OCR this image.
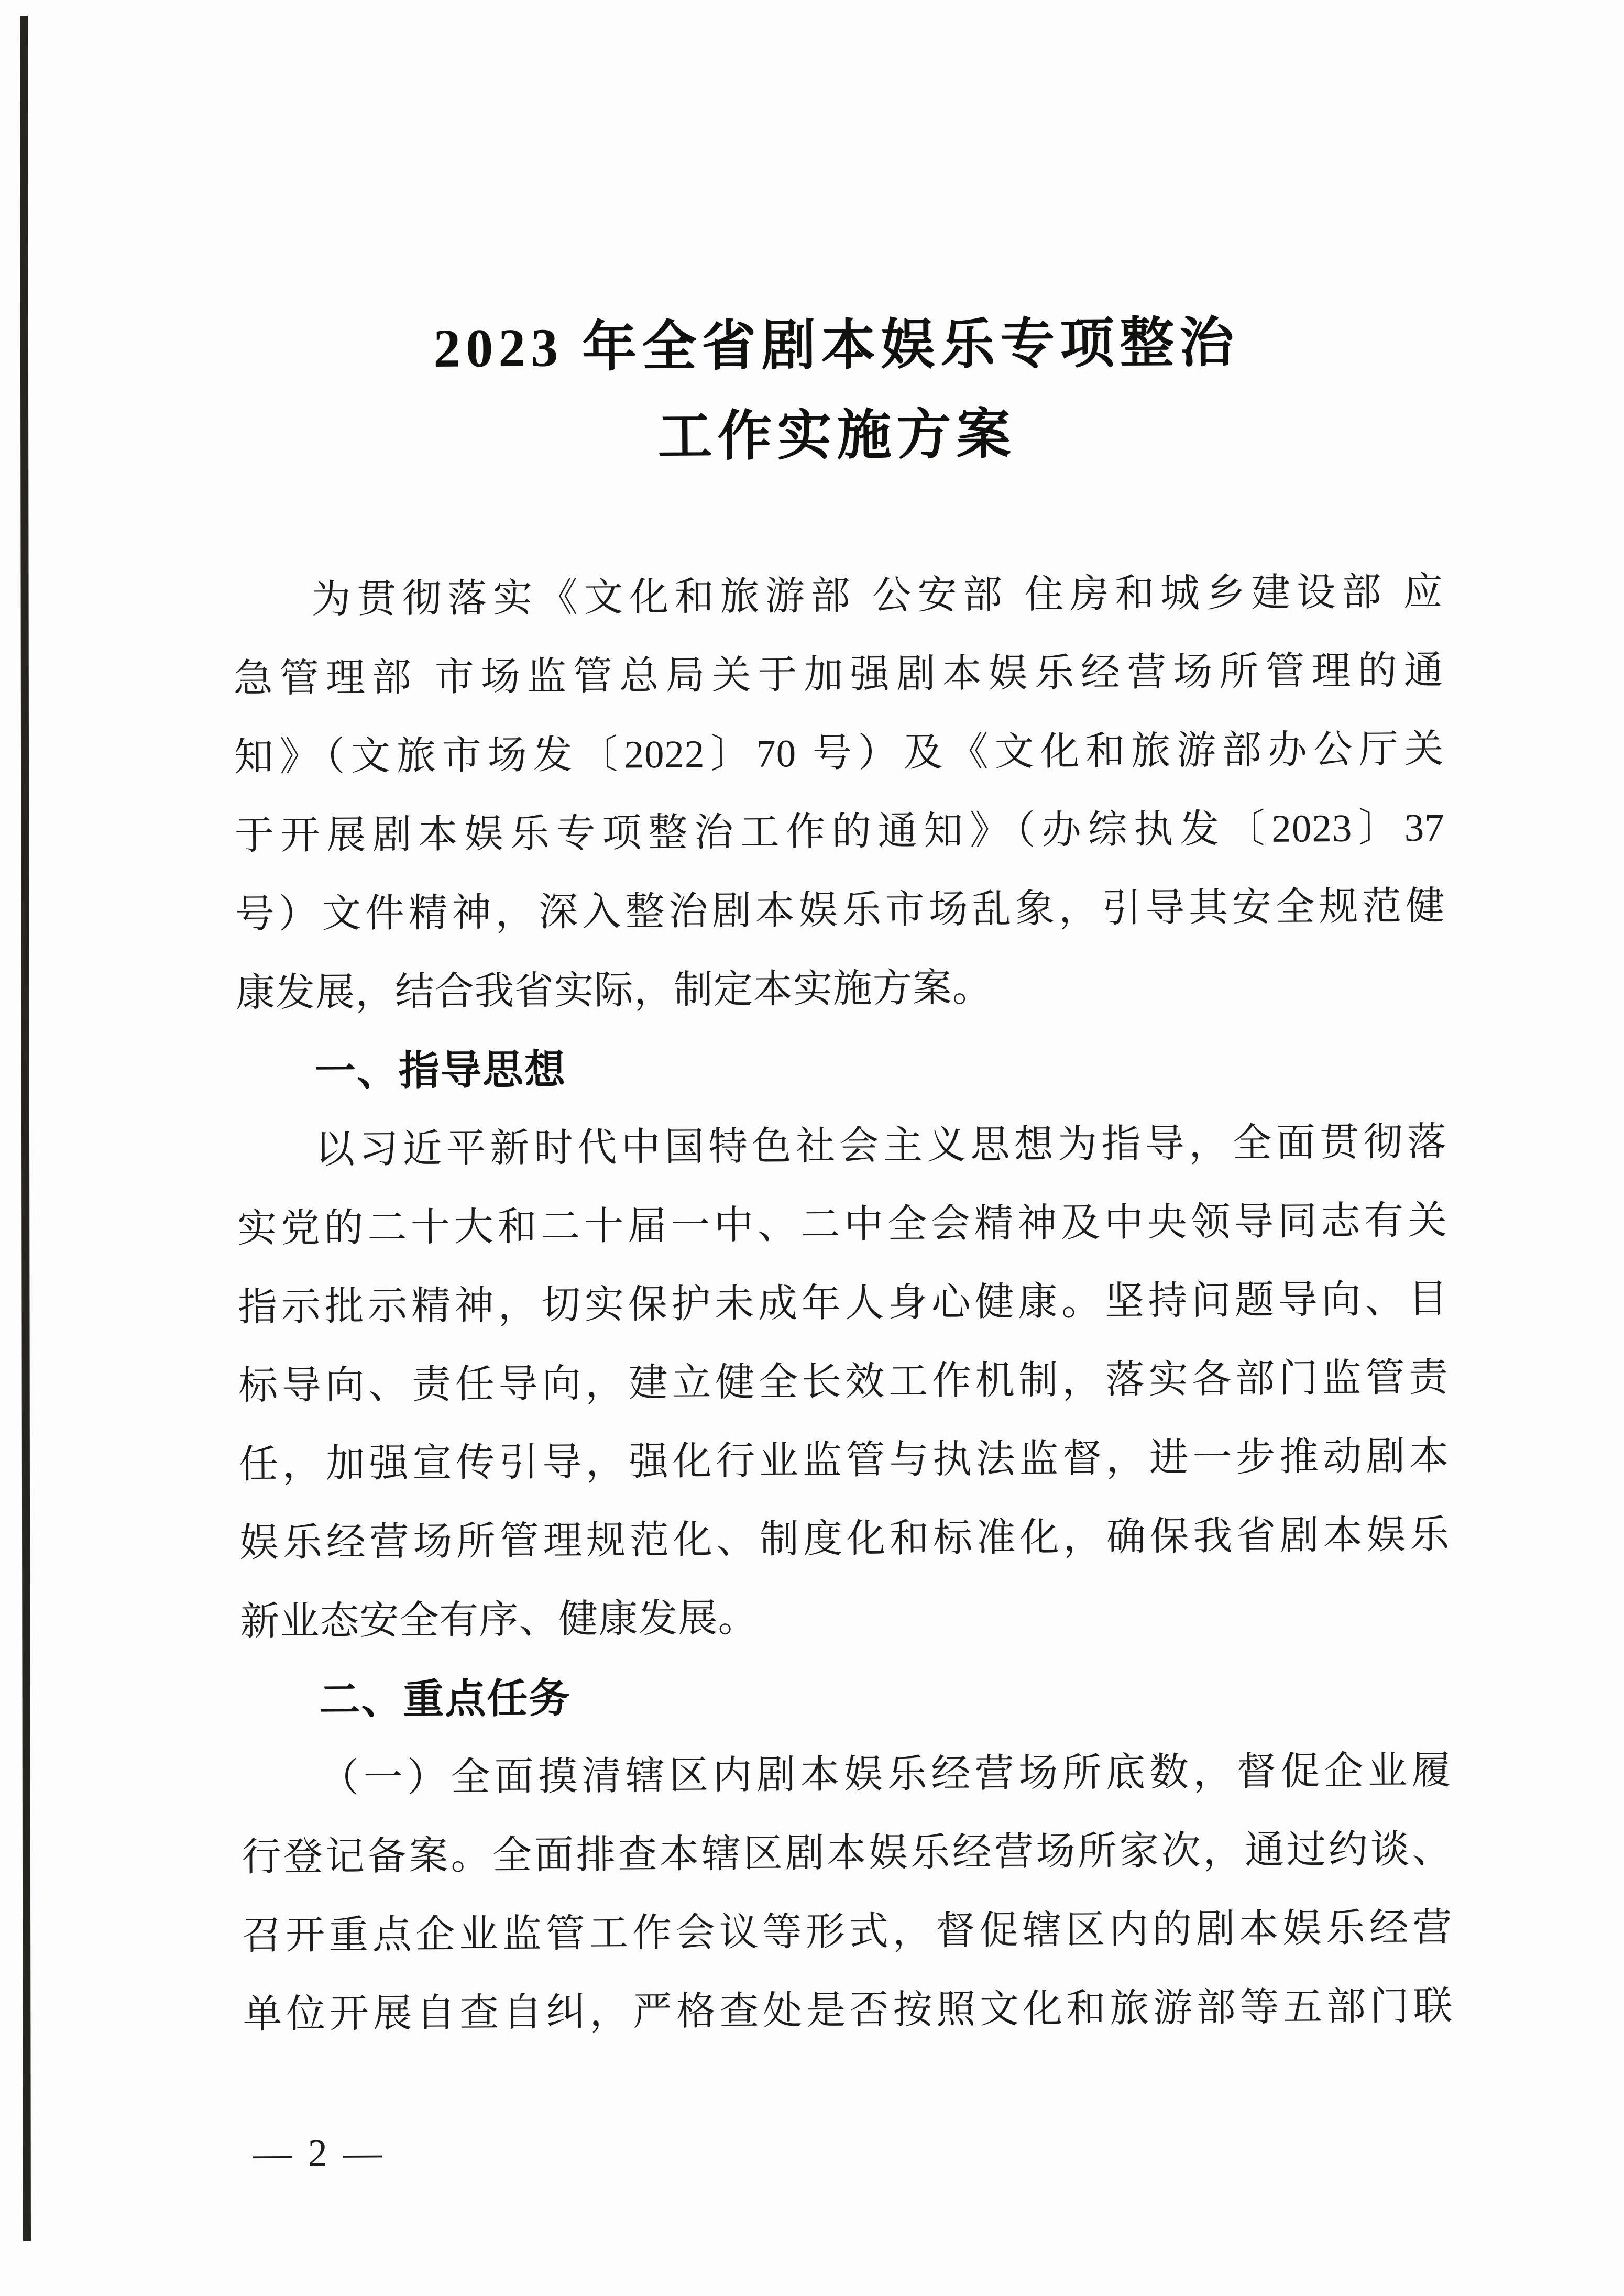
2023 年全省剧本娱乐专项整治
工作实施方案
为贯彻落实《文化和旅游部 公安部 住房和城乡建设部 应
急管理部 市场监管总局关于加强剧本娱乐经营场所管理的通
知》（文旅市场发〔2022〕70 号）及《文化和旅游部办公厅关
于开展剧本娱乐专项整治工作的通知》（办综执发〔2023〕37
号）文件精神，深入整治剧本娱乐市场乱象，引导其安全规范健
康发展，结合我省实际，制定本实施方案。
一、指导思想
以习近平新时代中国特色社会主义思想为指导，全面贯彻落
实党的二十大和二十届一中、二中全会精神及中央领导同志有关
指示批示精神，切实保护未成年人身心健康。坚持问题导向、目
标导向、责任导向，建立健全长效工作机制，落实各部门监管责
任，加强宣传引导，强化行业监管与执法监督，进一步推动剧本
娱乐经营场所管理规范化、制度化和标准化，确保我省剧本娱乐
新业态安全有序、健康发展。
二、重点任务
（一）全面摸清辖区内剧本娱乐经营场所底数，督促企业履
行登记备案。全面排查本辖区剧本娱乐经营场所家次，通过约谈、
召开重点企业监管工作会议等形式，督促辖区内的剧本娱乐经营
单位开展自查自纠，严格查处是否按照文化和旅游部等五部门联
— 2 —
